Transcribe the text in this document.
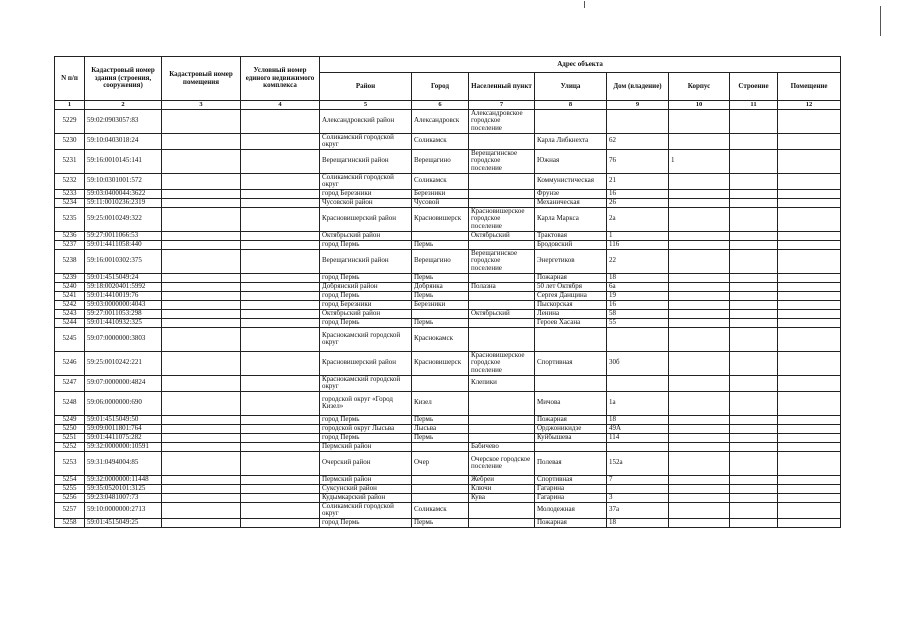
N п/п	Кадастровый номер здания (строения, сооружения)	Кадастровый номер помещения	Условный номер единого недвижимого комплекса	Адрес объекта							
				Район	Город	Населенный пункт	Улица	Дом (владение)	Корпус	Строение	Помещение
1	2	3	4	5	6	7	8	9	10	11	12
5229	59:02:0903057:83			Александровский район	Александровск	Александровское городское поселение					
5230	59:10:0403018:24			Соликамский городской округ	Соликамск		Карла Либкнехта	62			
5231	59:16:0010145:141			Верещагинский район	Верещагино	Верещагинское городское поселение	Южная	76	1		
5232	59:10:0301001:572			Соликамский городской округ	Соликамск		Коммунистическая	21			
5233	59:03:0400044:3622			город Березники	Березники		Фрунзе	16			
5234	59:11:0010236:2319			Чусовской район	Чусовой		Механическая	26			
5235	59:25:0010249:322			Красновишерский район	Красновишерск	Красновишерское городское поселение	Карла Маркса	2а			
5236	59:27:0011066:53			Октябрьский район		Октябрьский	Трактовая	1			
5237	59:01:4411058:440			город Пермь	Пермь		Бродовский	116			
5238	59:16:0010302:375			Верещагинский район	Верещагино	Верещагинское городское поселение	Энергетиков	22			
5239	59:01:4515049:24			город Пермь	Пермь		Пожарная	18			
5240	59:18:0020401:5992			Добрянский район	Добрянка	Полазна	50 лет Октября	6а			
5241	59:01:4410019:76			город Пермь	Пермь		Сергея Данщина	19			
5242	59:03:0000000:4043			город Березники	Березники		Пыскорская	16			
5243	59:27:0011053:298			Октябрьский район		Октябрьский	Ленина	58			
5244	59:01:4410932:325			город Пермь	Пермь		Героев Хасана	55			
5245	59:07:0000000:3803			Краснокамский городской округ	Краснокамск						
5246	59:25:0010242:221			Красновишерский район	Красновишерск	Красновишерское городское поселение	Спортивная	30б			
5247	59:07:0000000:4824			Краснокамский городской округ		Клепики					
5248	59:06:0000000:690			городской округ «Город Кизел»	Кизел		Мичова	1а			
5249	59:01:4515049:50			город Пермь	Пермь		Пожарная	18			
5250	59:09:0011801:764			городской округ Лысьва	Лысьва		Орджоникидзе	49А			
5251	59:01:4411075:282			город Пермь	Пермь		Куйбышева	114			
5252	59:32:0000000:10591			Пермский район		Бабичево					
5253	59:31:0494004:85			Очерский район	Очер	Очерское городское поселение	Полевая	152а			
5254	59:32:0000000:11448			Пермский район		Жебреи	Спортивная	7			
5255	59:35:0520101:3125			Суксунский район		Ключи	Гагарина				
5256	59:23:0481007:73			Кудымкарский район		Кува	Гагарина	3			
5257	59:10:0000000:2713			Соликамский городской округ	Соликамск		Молодежная	37а			
5258	59:01:4515049:25			город Пермь	Пермь		Пожарная	18			
